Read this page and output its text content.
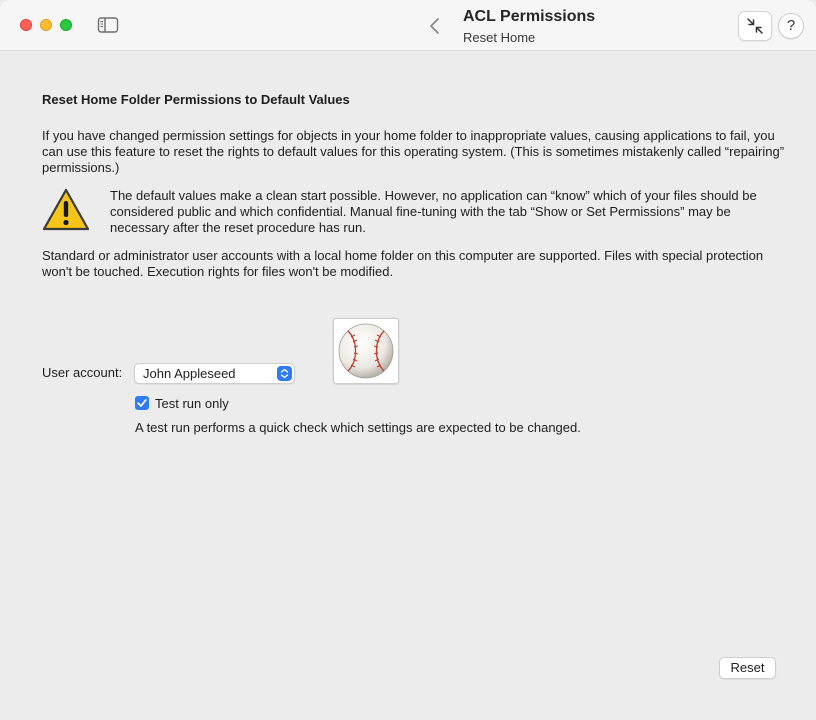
ACL Permissions
Reset Home
?
Reset Home Folder Permissions to Default Values
If you have changed permission settings for objects in your home folder to inappropriate values, causing applications to fail, you can use this feature to reset the rights to default values for this operating system. (This is sometimes mistakenly called “repairing” permissions.)
The default values make a clean start possible. However, no application can “know” which of your files should be considered public and which confidential. Manual fine-tuning with the tab “Show or Set Permissions” may be necessary after the reset procedure has run.
Standard or administrator user accounts with a local home folder on this computer are supported. Files with special protection won't be touched. Execution rights for files won't be modified.
User account:	John Appleseed
Test run only
A test run performs a quick check which settings are expected to be changed.
Reset
